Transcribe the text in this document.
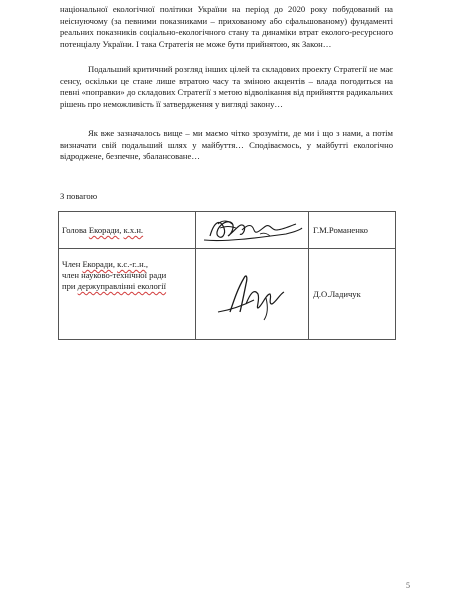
національної екологічної політики України на період до 2020 року побудований на неіснуючому (за певними показниками – прихованому або сфальшованому) фундаменті реальних показників соціально-екологічного стану та динаміки втрат еколого-ресурсного потенціалу України. І така Стратегія не може бути прийнятою, як Закон…

Подальший критичний розгляд інших цілей та складових проекту Стратегії не має сенсу, оскільки це стане лише втратою часу та зміною акцентів – влада погодиться на певні «поправки» до складових Стратегії з метою відволікання від прийняття радикальних рішень про неможливість її затвердження у вигляді закону…

Як вже зазначалось вище – ми маємо чітко зрозуміти, де ми і що з нами, а потім визначати свій подальший шлях у майбуття… Сподіваємось, у майбутті екологічно відроджене, безпечне, збалансоване…

З повагою
Голова Екоради, к.х.н.		Г.М.Романенко

Член Екоради, к.с.-г..н.,
член науково-технічної ради
при держуправлінні екології		Д.О.Ладичук
5
